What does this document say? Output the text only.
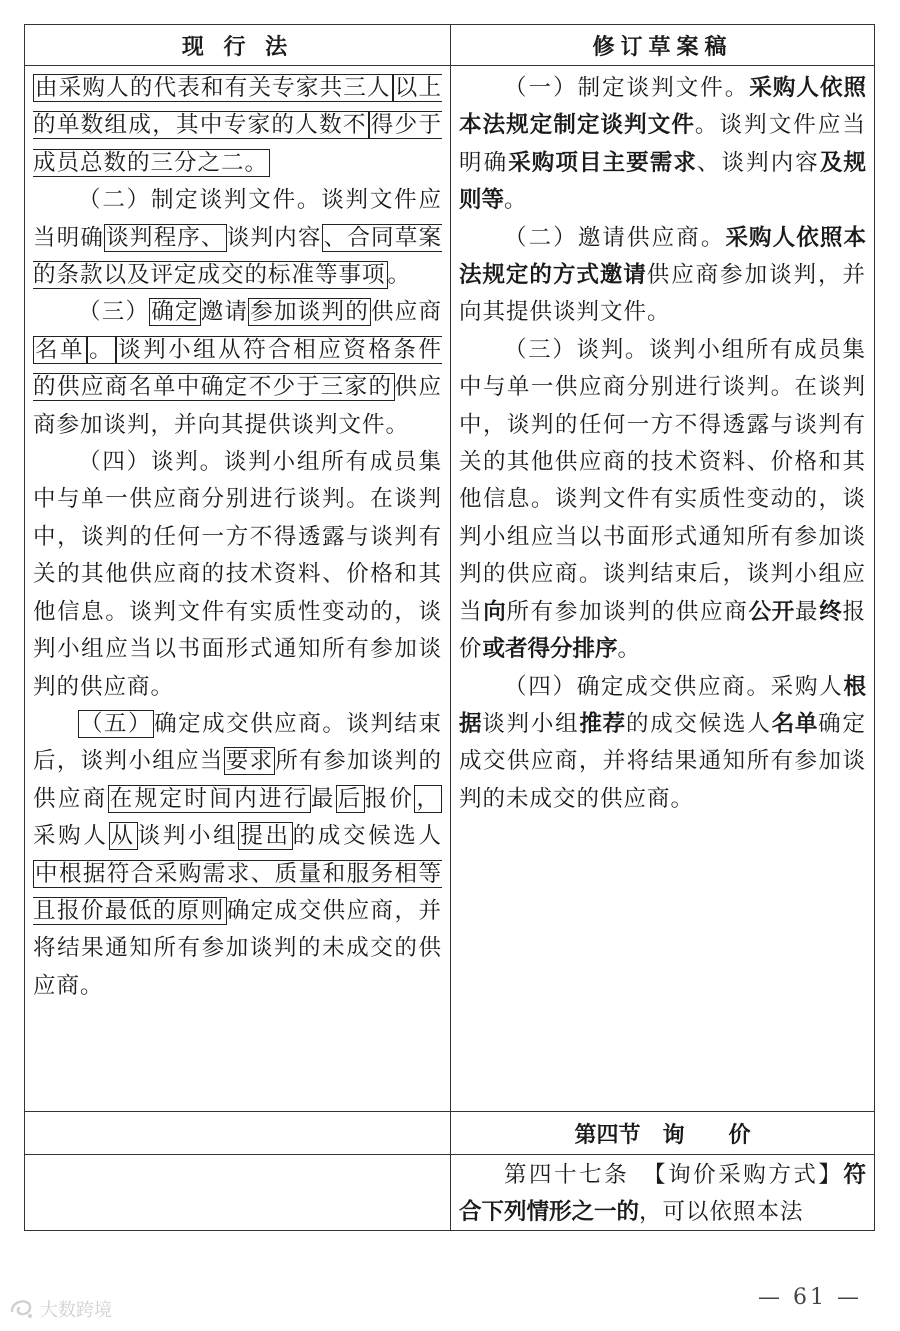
现 行 法	修订草案稿

由采购人的代表和有关专家共三人 以上的单数组成，其中专家的人数不 得少于成员总数的三分之二。

（二）制定谈判文件。谈判文件应当明确谈判程序、谈判内容、合同草案的条款以及评定成交的标准等事项。

（三）确定邀请参加谈判的供应商名单 。 谈判小组从符合相应资格条件的供应商名单中确定不少于三家的供应商参加谈判，并向其提供谈判文件。

（四）谈判。谈判小组所有成员集中与单一供应商分别进行谈判。在谈判中，谈判的任何一方不得透露与谈判有关的其他供应商的技术资料、价格和其他信息。谈判文件有实质性变动的，谈判小组应当以书面形式通知所有参加谈判的供应商。

（五）确定成交供应商。谈判结束后，谈判小组应当要求所有参加谈判的供应商在规定时间内进行最后报价，采购人从谈判小组提出的成交候选人中根据符合采购需求、质量和服务相等且报价最低的原则确定成交供应商，并将结果通知所有参加谈判的未成交的供应商。

（一）制定谈判文件。采购人依照本法规定制定谈判文件。谈判文件应当明确采购项目主要需求、谈判内容及规则等。

（二）邀请供应商。采购人依照本法规定的方式邀请供应商参加谈判，并向其提供谈判文件。

（三）谈判。谈判小组所有成员集中与单一供应商分别进行谈判。在谈判中，谈判的任何一方不得透露与谈判有关的其他供应商的技术资料、价格和其他信息。谈判文件有实质性变动的，谈判小组应当以书面形式通知所有参加谈判的供应商。谈判结束后，谈判小组应当向所有参加谈判的供应商公开最终报价或者得分排序。

（四）确定成交供应商。采购人根据谈判小组推荐的成交候选人名单确定成交供应商，并将结果通知所有参加谈判的未成交的供应商。

第四节　询　　价

第四十七条　【询价采购方式】符合下列情形之一的，可以依照本法

— 61 —
大数跨境
